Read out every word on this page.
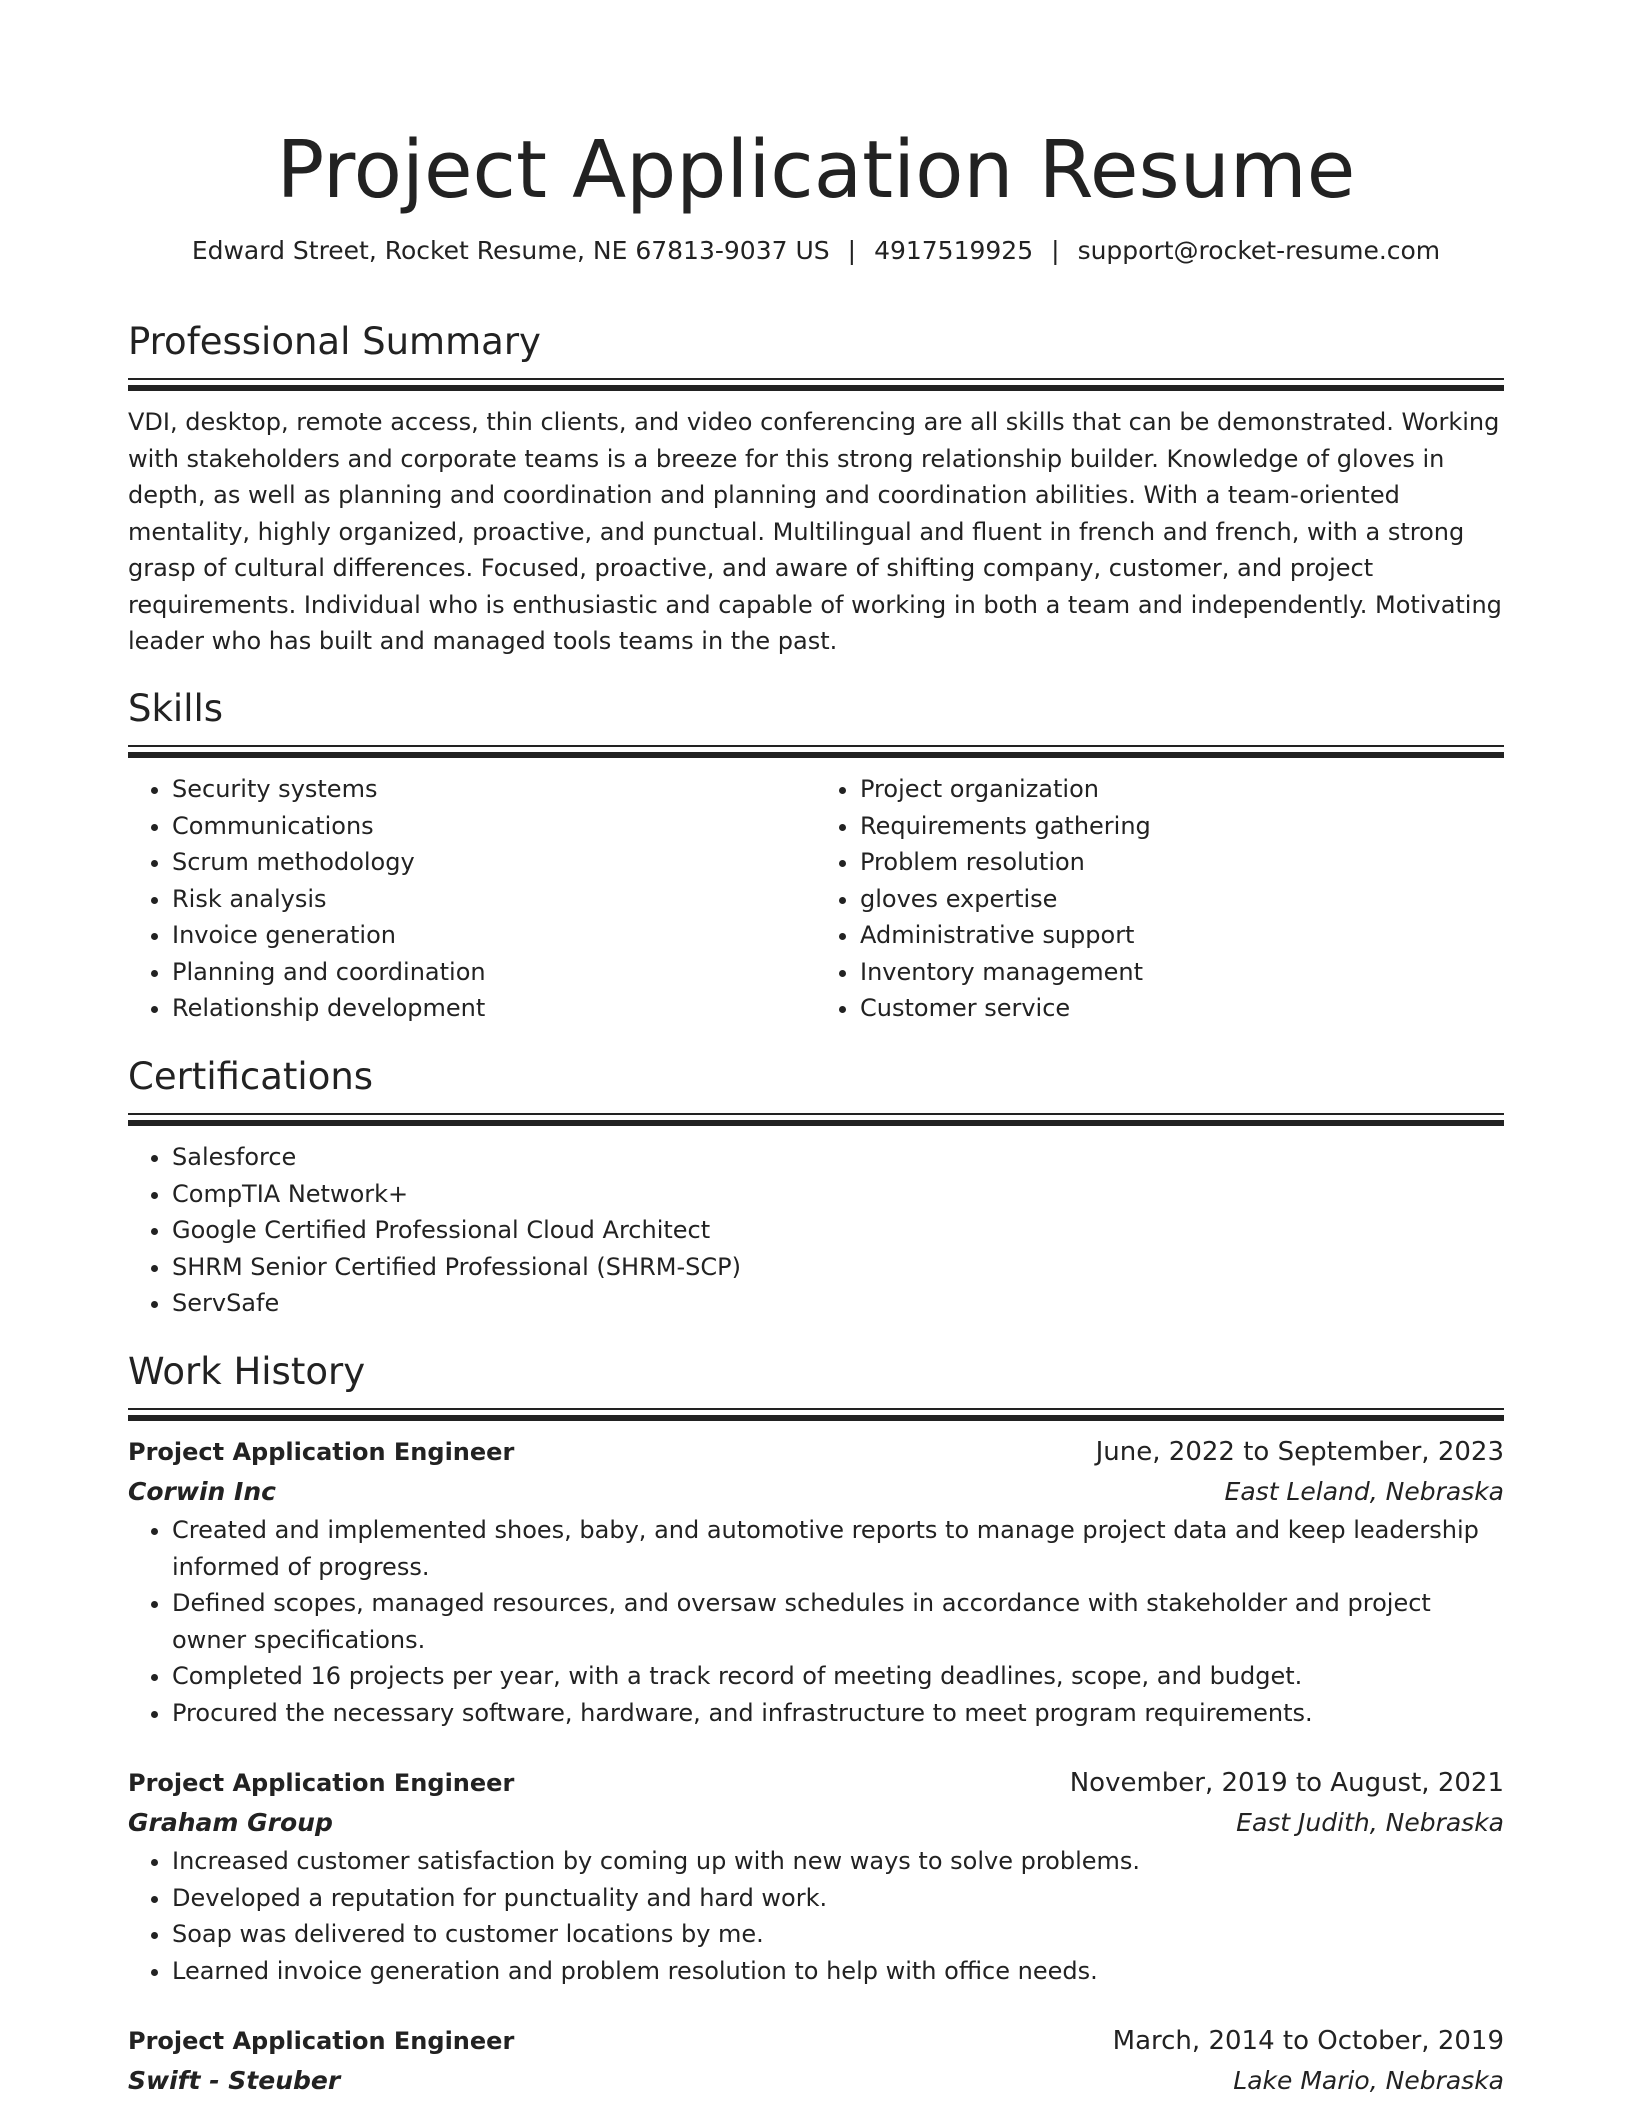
Project Application Resume
Edward Street, Rocket Resume, NE 67813-9037 US | 4917519925 | support@rocket-resume.com
Professional Summary

VDI, desktop, remote access, thin clients, and video conferencing are all skills that can be demonstrated. Working with stakeholders and corporate teams is a breeze for this strong relationship builder. Knowledge of gloves in depth, as well as planning and coordination and planning and coordination abilities. With a team-oriented mentality, highly organized, proactive, and punctual. Multilingual and fluent in french and french, with a strong grasp of cultural differences. Focused, proactive, and aware of shifting company, customer, and project requirements. Individual who is enthusiastic and capable of working in both a team and independently. Motivating leader who has built and managed tools teams in the past.

Skills
• Security systems
• Communications
• Scrum methodology
• Risk analysis
• Invoice generation
• Planning and coordination
• Relationship development
• Project organization
• Requirements gathering
• Problem resolution
• gloves expertise
• Administrative support
• Inventory management
• Customer service
Certifications
• Salesforce
• CompTIA Network+
• Google Certified Professional Cloud Architect
• SHRM Senior Certified Professional (SHRM-SCP)
• ServSafe
Work History
Project Application Engineer	June, 2022 to September, 2023
Corwin Inc	East Leland, Nebraska
• Created and implemented shoes, baby, and automotive reports to manage project data and keep leadership informed of progress.
• Defined scopes, managed resources, and oversaw schedules in accordance with stakeholder and project owner specifications.
• Completed 16 projects per year, with a track record of meeting deadlines, scope, and budget.
• Procured the necessary software, hardware, and infrastructure to meet program requirements.
Project Application Engineer	November, 2019 to August, 2021
Graham Group	East Judith, Nebraska
• Increased customer satisfaction by coming up with new ways to solve problems.
• Developed a reputation for punctuality and hard work.
• Soap was delivered to customer locations by me.
• Learned invoice generation and problem resolution to help with office needs.
Project Application Engineer	March, 2014 to October, 2019
Swift - Steuber	Lake Mario, Nebraska
